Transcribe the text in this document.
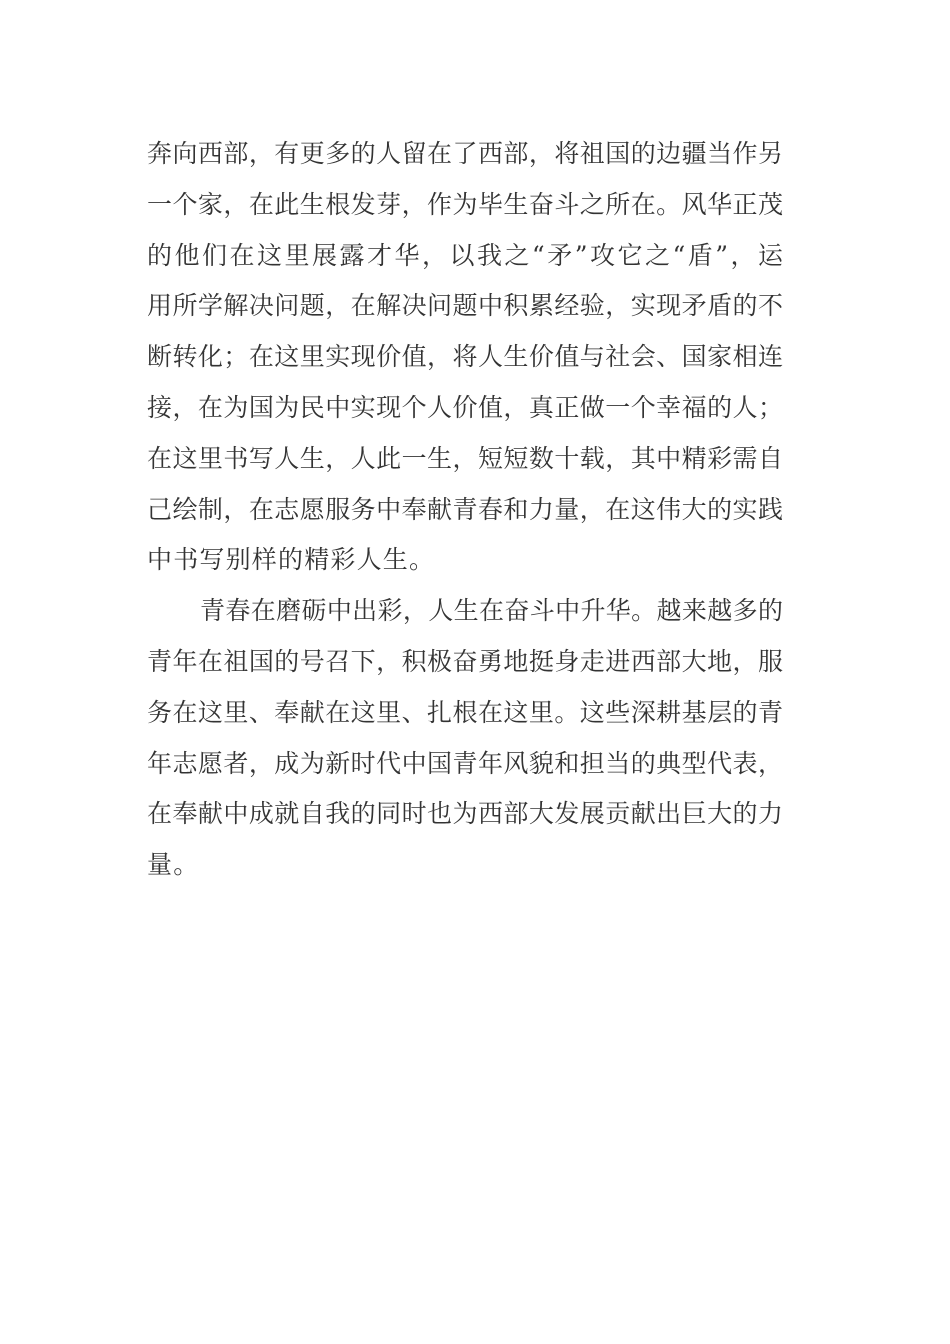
奔向西部，有更多的人留在了西部，将祖国的边疆当作另
一个家，在此生根发芽，作为毕生奋斗之所在。风华正茂
的他们在这里展露才华，以我之“矛”攻它之“盾”，运
用所学解决问题，在解决问题中积累经验，实现矛盾的不
断转化；在这里实现价值，将人生价值与社会、国家相连
接，在为国为民中实现个人价值，真正做一个幸福的人；
在这里书写人生，人此一生，短短数十载，其中精彩需自
己绘制，在志愿服务中奉献青春和力量，在这伟大的实践
中书写别样的精彩人生。
青春在磨砺中出彩，人生在奋斗中升华。越来越多的
青年在祖国的号召下，积极奋勇地挺身走进西部大地，服
务在这里、奉献在这里、扎根在这里。这些深耕基层的青
年志愿者，成为新时代中国青年风貌和担当的典型代表，
在奉献中成就自我的同时也为西部大发展贡献出巨大的力
量。
